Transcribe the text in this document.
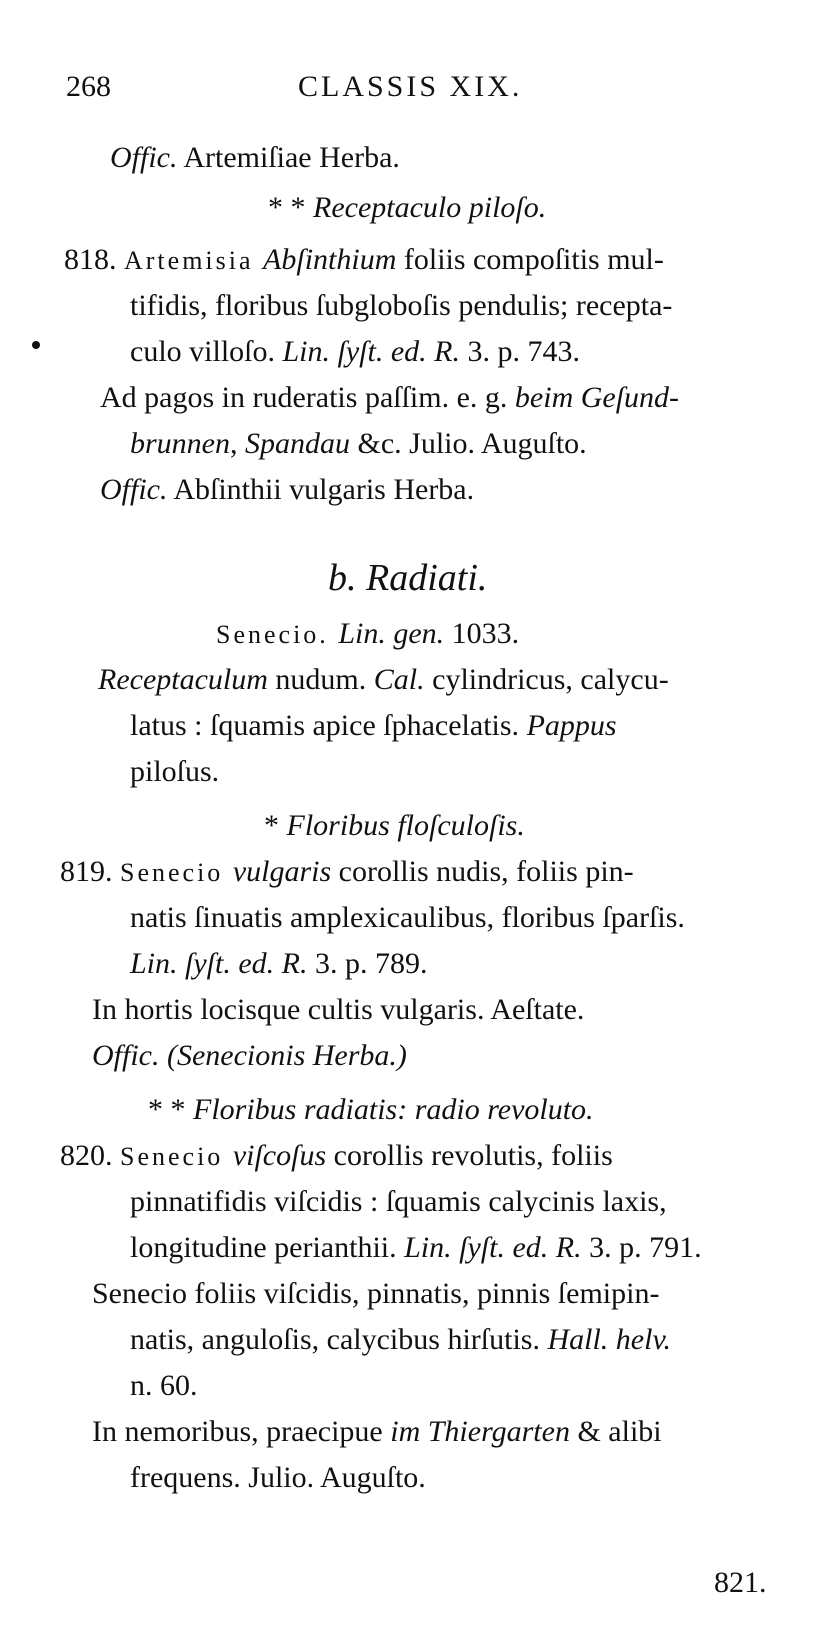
268	CLASSIS XIX.
Offic. Artemiſiae Herba.
* * Receptaculo piloſo.
818. Artemisia Abſinthium foliis compoſitis mul-
tifidis, floribus ſubgloboſis pendulis; recepta-
culo villoſo. Lin. ſyſt. ed. R. 3. p. 743.
Ad pagos in ruderatis paſſim. e. g. beim Geſund-
brunnen, Spandau &c. Julio. Auguſto.
Offic. Abſinthii vulgaris Herba.
Senecio. Lin. gen. 1033.
Receptaculum nudum. Cal. cylindricus, calycu-
latus : ſquamis apice ſphacelatis. Pappus
piloſus.
* Floribus floſculoſis.
819. Senecio vulgaris corollis nudis, foliis pin-
natis ſinuatis amplexicaulibus, floribus ſparſis.
Lin. ſyſt. ed. R. 3. p. 789.
In hortis locisque cultis vulgaris. Aeſtate.
Offic. (Senecionis Herba.)
* * Floribus radiatis: radio revoluto.
820. Senecio viſcoſus corollis revolutis, foliis
pinnatifidis viſcidis : ſquamis calycinis laxis,
longitudine perianthii. Lin. ſyſt. ed. R. 3. p. 791.
Senecio foliis viſcidis, pinnatis, pinnis ſemipin-
natis, anguloſis, calycibus hirſutis. Hall. helv.
n. 60.
In nemoribus, praecipue im Thiergarten & alibi
frequens. Julio. Auguſto.
b. Radiati.
821.
